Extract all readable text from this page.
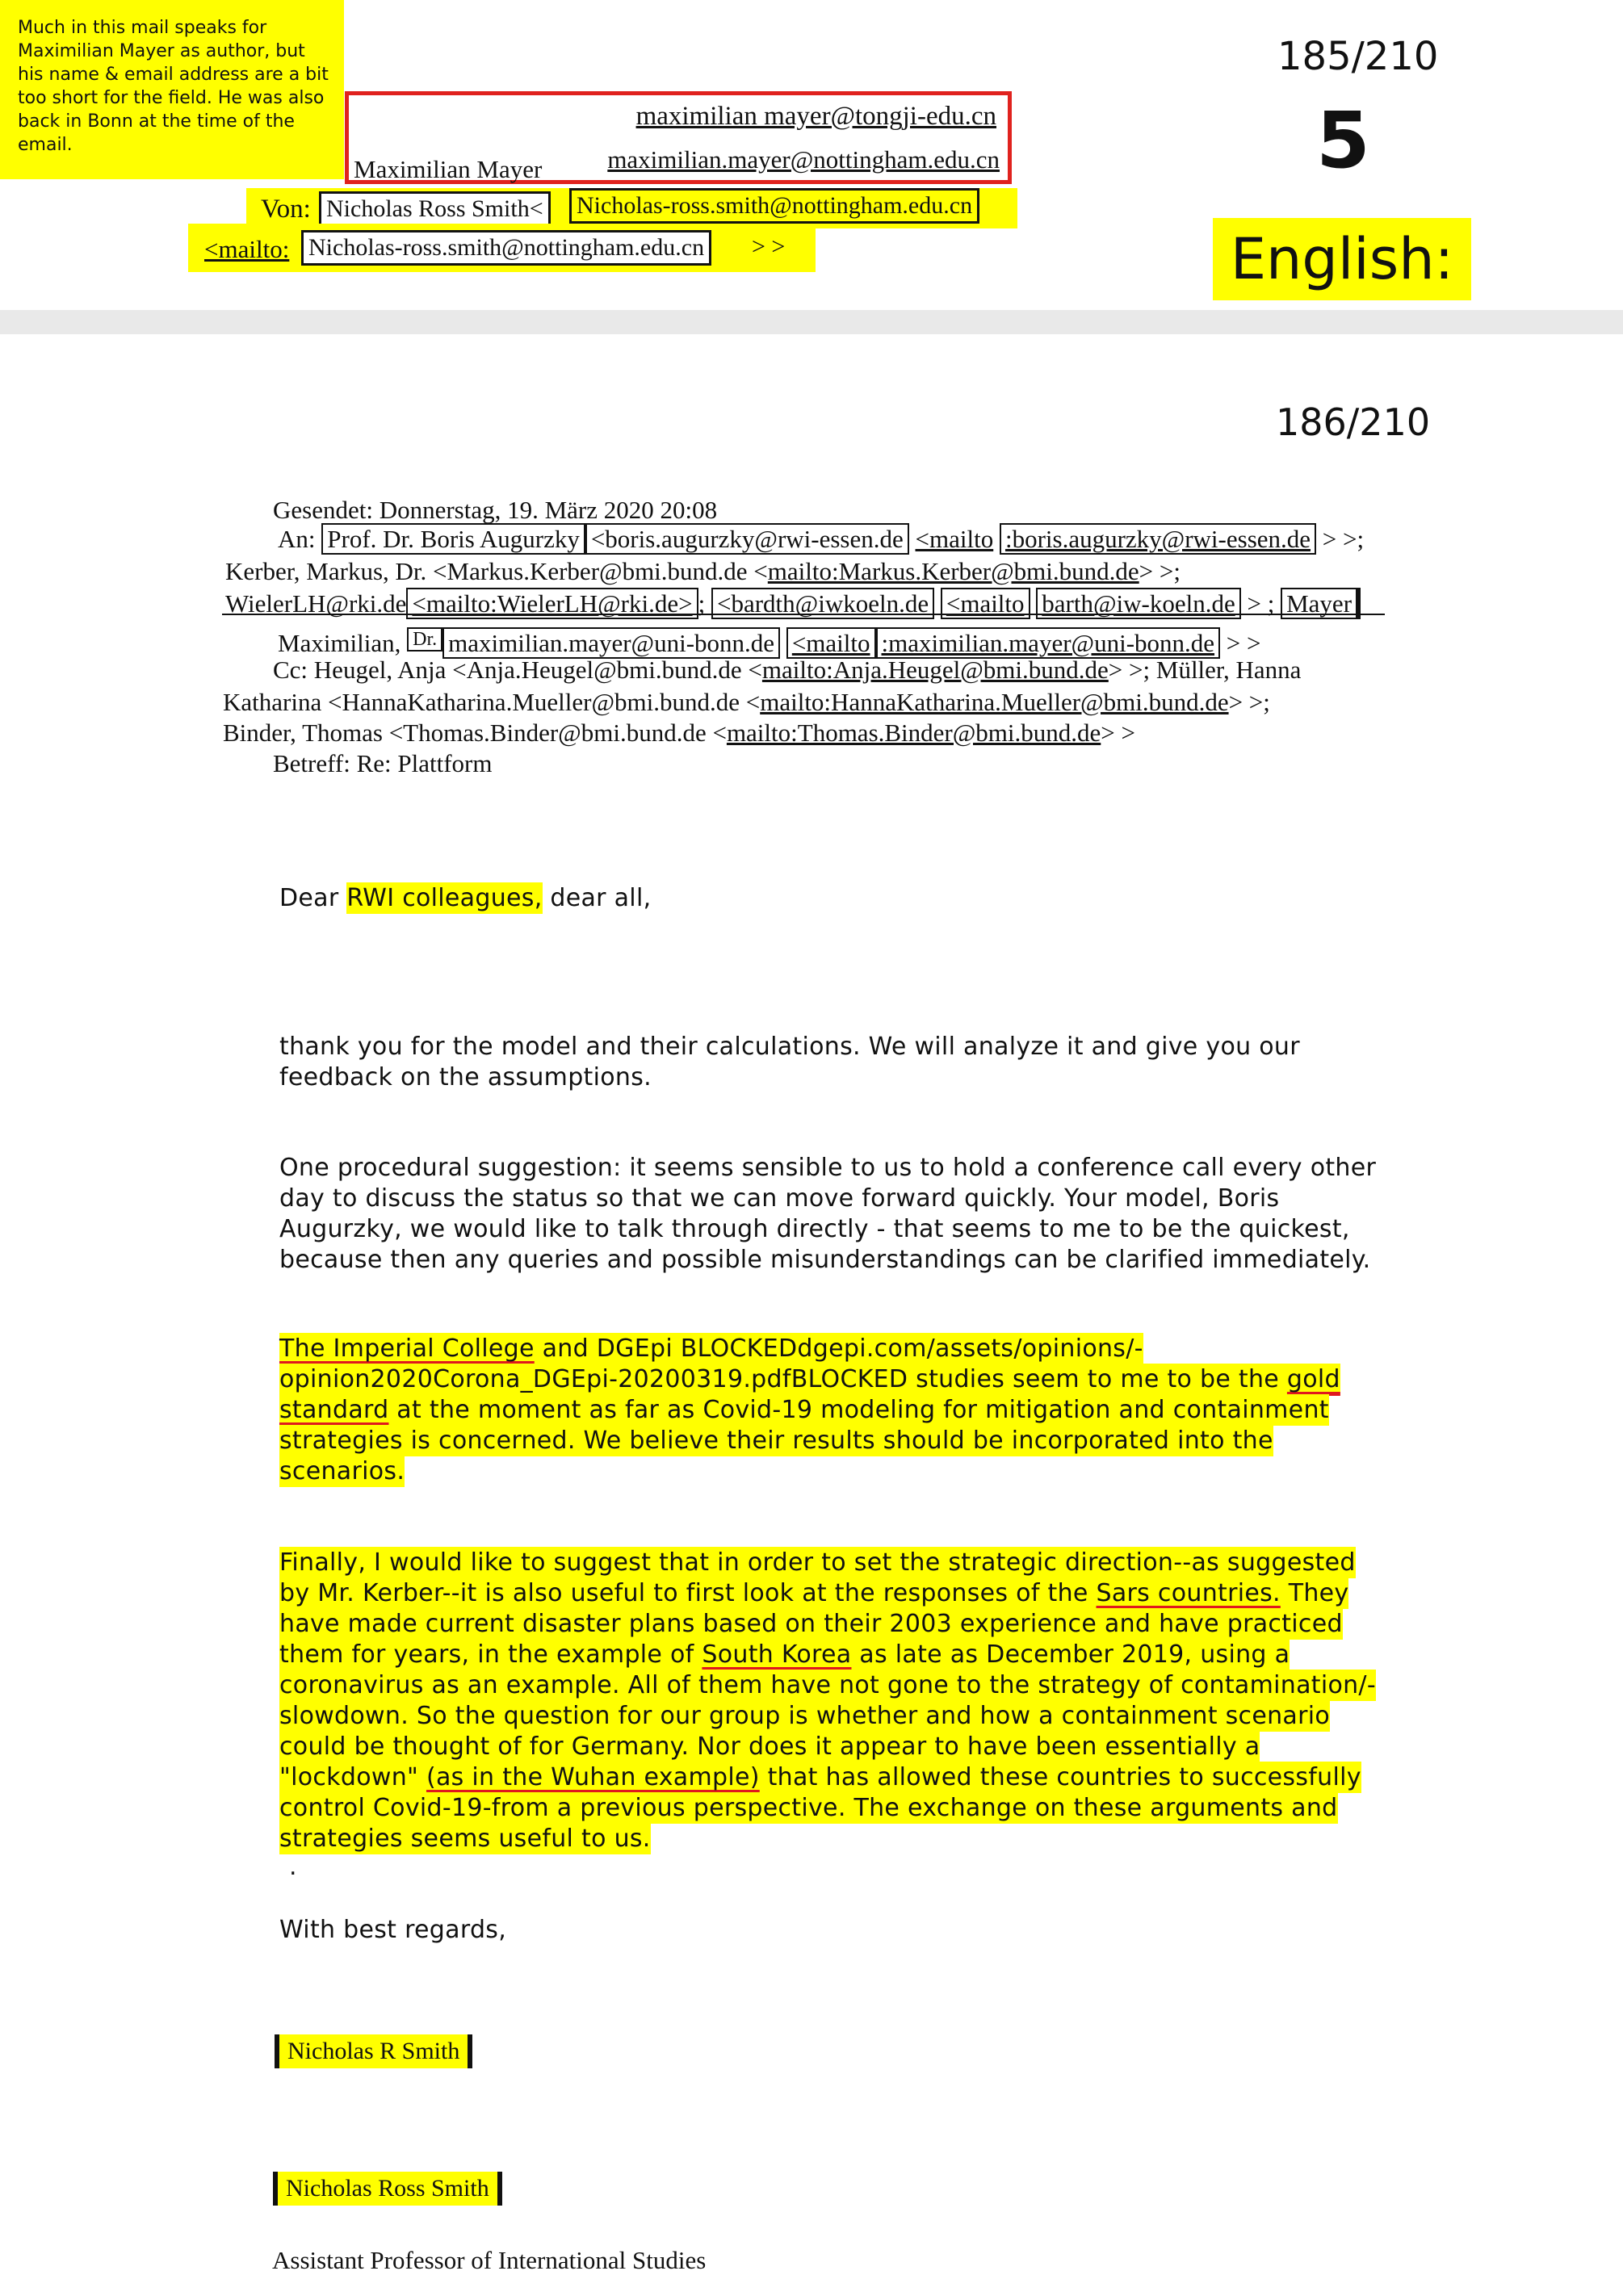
Much in this mail speaks for Maximilian Mayer as author, but his name & email address are a bit too short for the field. He was also back in Bonn at the time of the email.
maximilian mayer@tongji-edu.cn
Maximilian Mayer	maximilian.mayer@nottingham.edu.cn
Von: Nicholas Ross Smith<	Nicholas-ross.smith@nottingham.edu.cn
<mailto: Nicholas-ross.smith@nottingham.edu.cn	> >
185/210
5
English:
186/210
Gesendet: Donnerstag, 19. März 2020 20:08
An: Prof. Dr. Boris Augurzky <boris.augurzky@rwi-essen.de <mailto :boris.augurzky@rwi-essen.de > >;
Kerber, Markus, Dr. <Markus.Kerber@bmi.bund.de <mailto:Markus.Kerber@bmi.bund.de> >;
WielerLH@rki.de <mailto:WielerLH@rki.de> ; <bardth@iwkoeln.de <mailto barth@iw-koeln.de > ; Mayer
Maximilian, $^{Dr.}$ maximilian.mayer@uni-bonn.de <mailto :maximilian.mayer@uni-bonn.de > >
Cc: Heugel, Anja <Anja.Heugel@bmi.bund.de <mailto:Anja.Heugel@bmi.bund.de> >; Müller, Hanna
Katharina <HannaKatharina.Mueller@bmi.bund.de <mailto:HannaKatharina.Mueller@bmi.bund.de> >;
Binder, Thomas <Thomas.Binder@bmi.bund.de <mailto:Thomas.Binder@bmi.bund.de> >
Betreff: Re: Plattform
Dear RWI colleagues, dear all,
thank you for the model and their calculations. We will analyze it and give you our feedback on the assumptions.
One procedural suggestion: it seems sensible to us to hold a conference call every other day to discuss the status so that we can move forward quickly. Your model, Boris Augurzky, we would like to talk through directly - that seems to me to be the quickest, because then any queries and possible misunderstandings can be clarified immediately.
The Imperial College and DGEpi BLOCKEDdgepi.com/assets/opinions/-opinion2020Corona_DGEpi-20200319.pdfBLOCKED studies seem to me to be the gold standard at the moment as far as Covid-19 modeling for mitigation and containment strategies is concerned. We believe their results should be incorporated into the scenarios.
Finally, I would like to suggest that in order to set the strategic direction--as suggested by Mr. Kerber--it is also useful to first look at the responses of the Sars countries. They have made current disaster plans based on their 2003 experience and have practiced them for years, in the example of South Korea as late as December 2019, using a coronavirus as an example. All of them have not gone to the strategy of contamination/-slowdown. So the question for our group is whether and how a containment scenario could be thought of for Germany. Nor does it appear to have been essentially a "lockdown" (as in the Wuhan example) that has allowed these countries to successfully control Covid-19-from a previous perspective. The exchange on these arguments and strategies seems useful to us.
.
With best regards,
Nicholas R Smith
Nicholas Ross Smith
Assistant Professor of International Studies
